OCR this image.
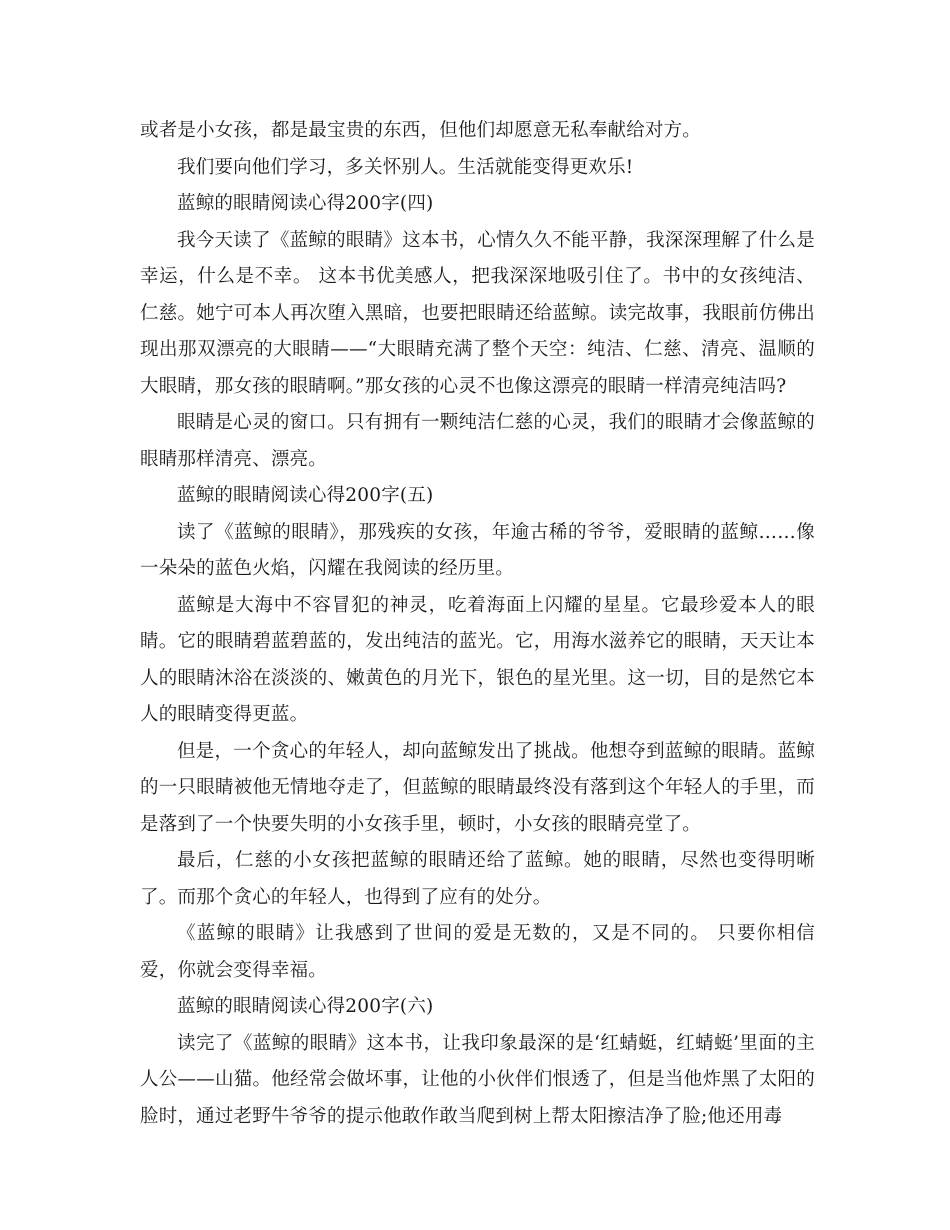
或者是小女孩，都是最宝贵的东西，但他们却愿意无私奉献给对方。

我们要向他们学习，多关怀别人。生活就能变得更欢乐!

蓝鲸的眼睛阅读心得200字(四)

我今天读了《蓝鲸的眼睛》这本书，心情久久不能平静，我深深理解了什么是幸运，什么是不幸。 这本书优美感人，把我深深地吸引住了。书中的女孩纯洁、仁慈。她宁可本人再次堕入黑暗，也要把眼睛还给蓝鲸。读完故事，我眼前仿佛出现出那双漂亮的大眼睛——“大眼睛充满了整个天空：纯洁、仁慈、清亮、温顺的大眼睛，那女孩的眼睛啊。”那女孩的心灵不也像这漂亮的眼睛一样清亮纯洁吗?

眼睛是心灵的窗口。只有拥有一颗纯洁仁慈的心灵，我们的眼睛才会像蓝鲸的眼睛那样清亮、漂亮。

蓝鲸的眼睛阅读心得200字(五)

读了《蓝鲸的眼睛》，那残疾的女孩，年逾古稀的爷爷，爱眼睛的蓝鲸……像一朵朵的蓝色火焰，闪耀在我阅读的经历里。

蓝鲸是大海中不容冒犯的神灵，吃着海面上闪耀的星星。它最珍爱本人的眼睛。它的眼睛碧蓝碧蓝的，发出纯洁的蓝光。它，用海水滋养它的眼睛，天天让本人的眼睛沐浴在淡淡的、嫩黄色的月光下，银色的星光里。这一切，目的是然它本人的眼睛变得更蓝。

但是，一个贪心的年轻人，却向蓝鲸发出了挑战。他想夺到蓝鲸的眼睛。蓝鲸的一只眼睛被他无情地夺走了，但蓝鲸的眼睛最终没有落到这个年轻人的手里，而是落到了一个快要失明的小女孩手里，顿时，小女孩的眼睛亮堂了。

最后，仁慈的小女孩把蓝鲸的眼睛还给了蓝鲸。她的眼睛，尽然也变得明晰了。而那个贪心的年轻人，也得到了应有的处分。

《蓝鲸的眼睛》让我感到了世间的爱是无数的，又是不同的。 只要你相信爱，你就会变得幸福。

蓝鲸的眼睛阅读心得200字(六)

读完了《蓝鲸的眼睛》这本书，让我印象最深的是‘红蜻蜓，红蜻蜓’里面的主人公——山猫。他经常会做坏事，让他的小伙伴们恨透了，但是当他炸黑了太阳的脸时，通过老野牛爷爷的提示他敢作敢当爬到树上帮太阳擦洁净了脸;他还用毒
